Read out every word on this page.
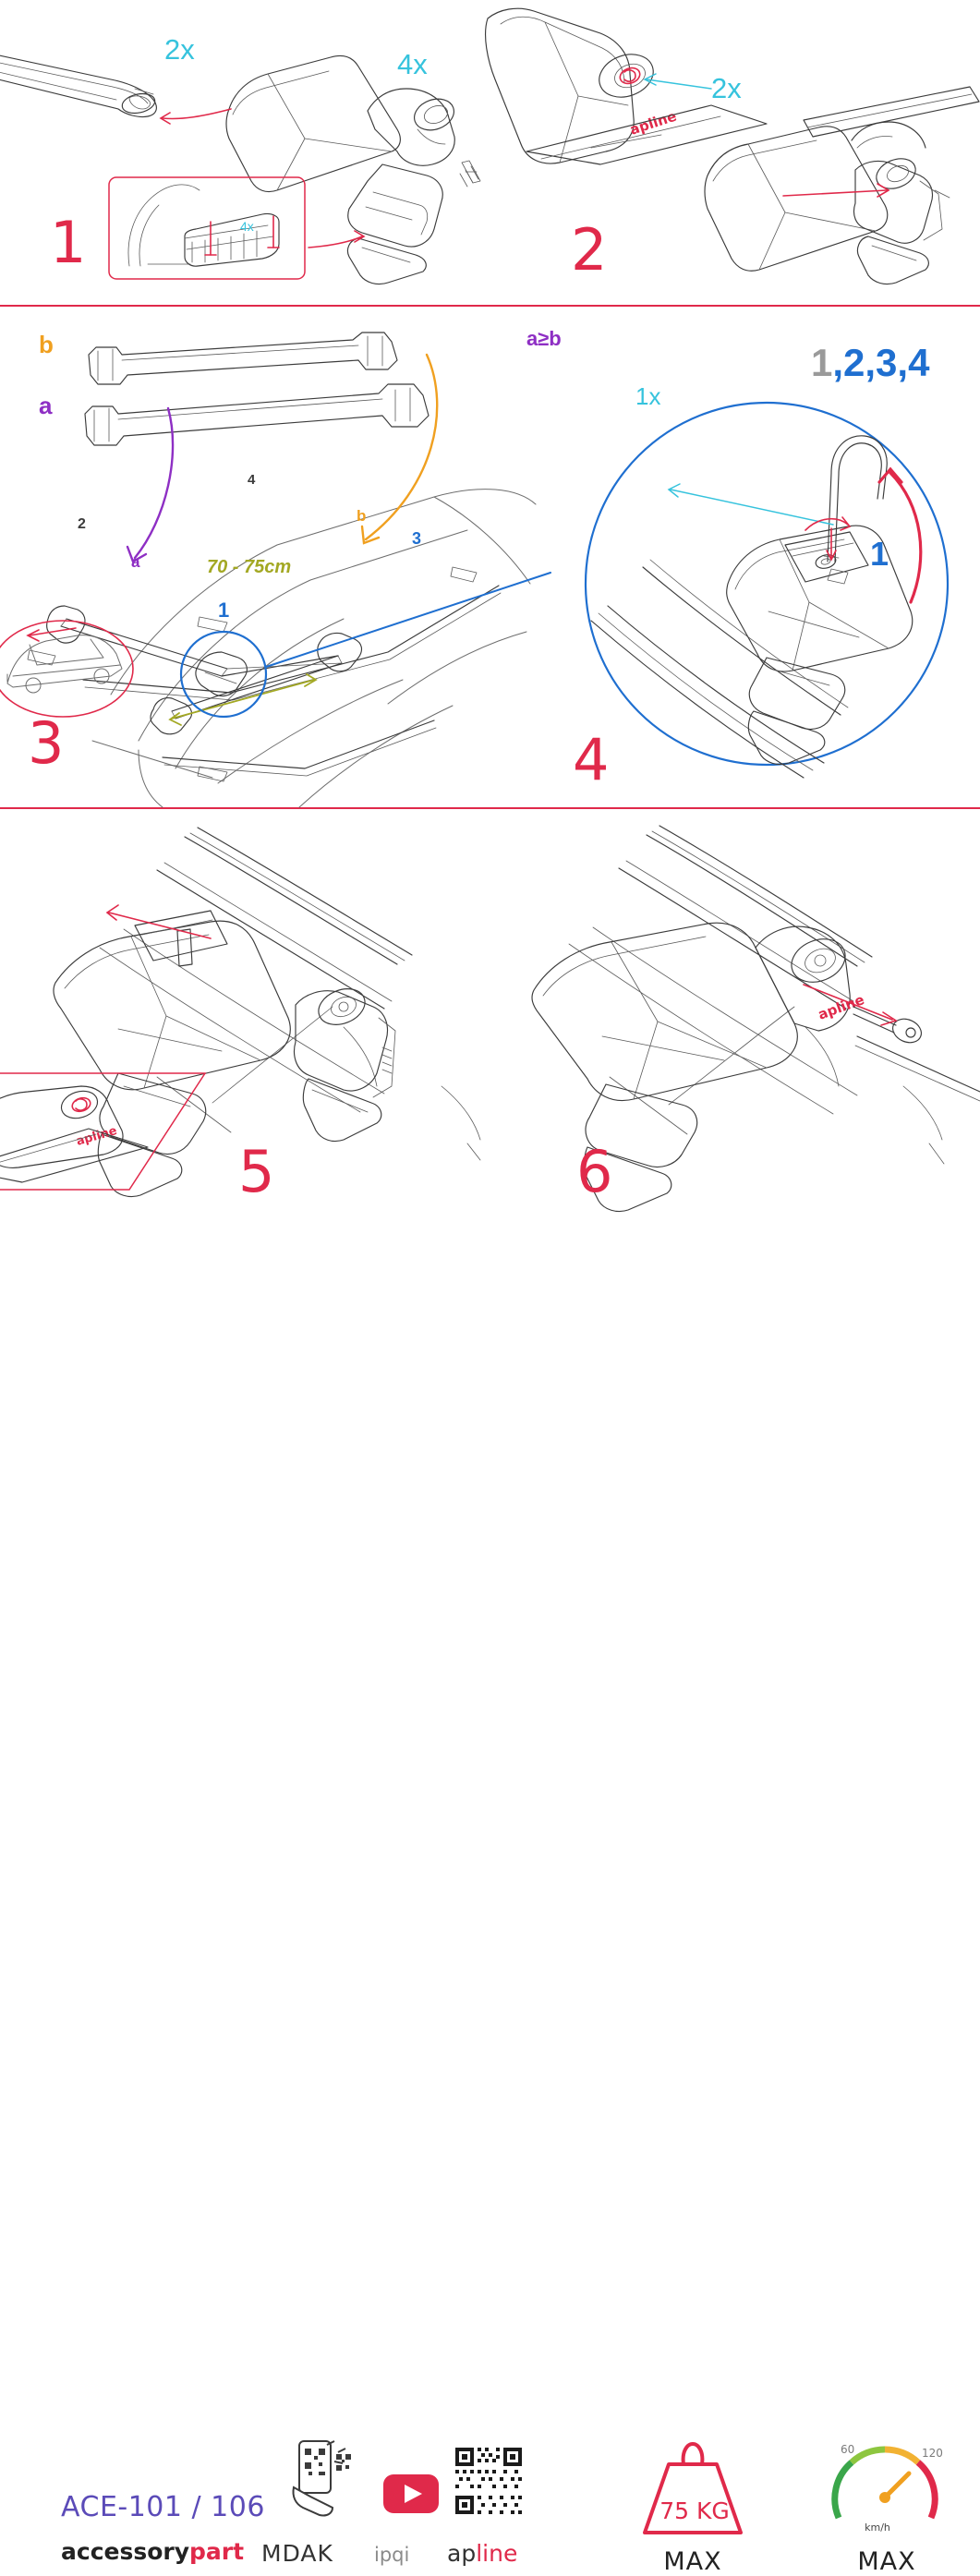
2x	4x
4x
1
apline
2x
2
b
a
a
b
70 - 75cm
1
2
3
4
3
a≥b
1x
1
1,2,3,4
4
apline
5
apline
6
ACE-101 / 106
accessorypart MDAK ipqi apline
75 KG
MAX
60	120
km/h
MAX
